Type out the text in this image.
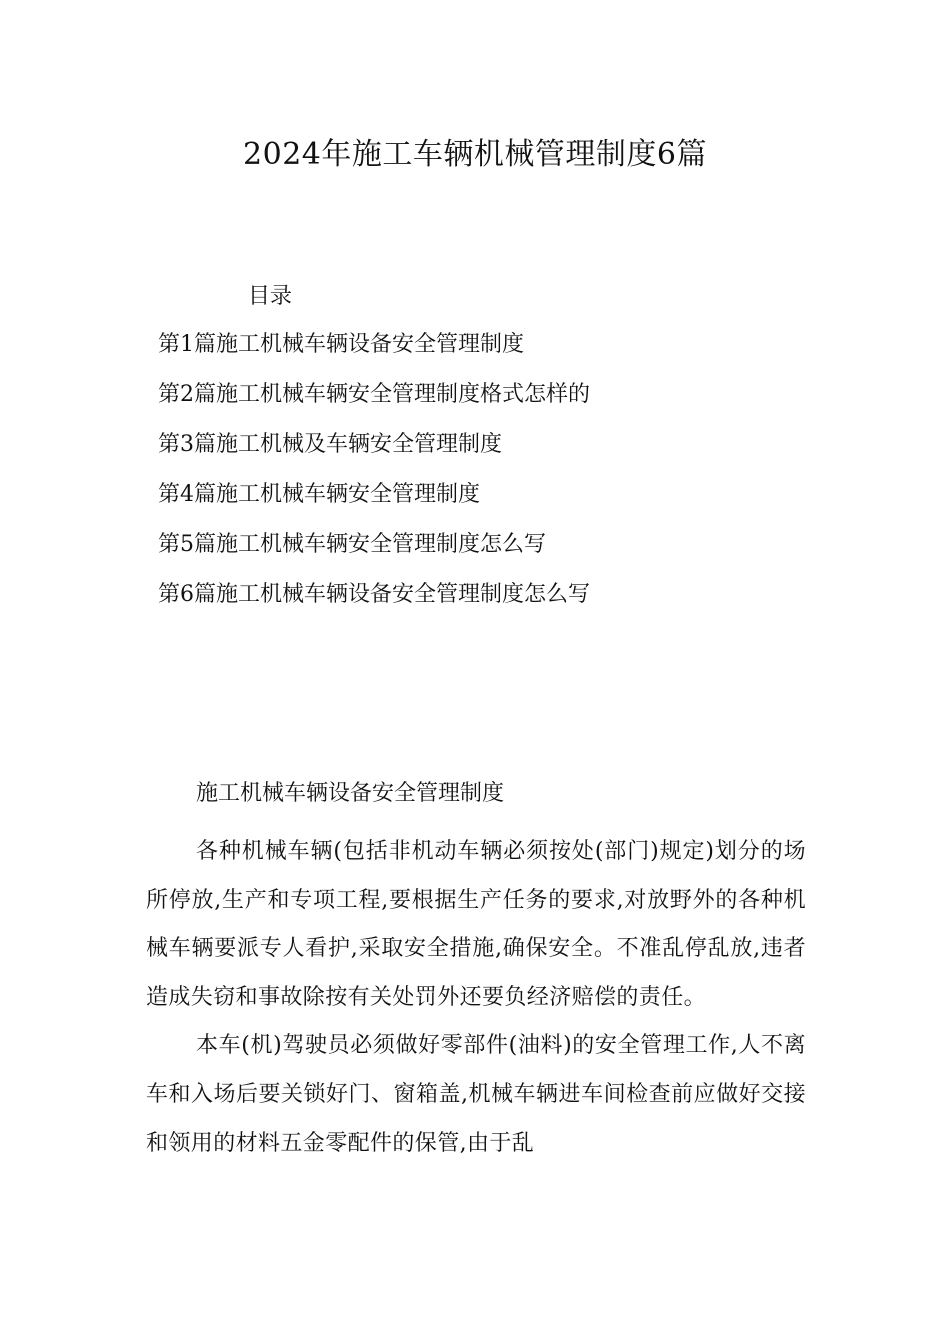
2024年施工车辆机械管理制度6篇
目录
第1篇施工机械车辆设备安全管理制度
第2篇施工机械车辆安全管理制度格式怎样的
第3篇施工机械及车辆安全管理制度
第4篇施工机械车辆安全管理制度
第5篇施工机械车辆安全管理制度怎么写
第6篇施工机械车辆设备安全管理制度怎么写
施工机械车辆设备安全管理制度

各种机械车辆(包括非机动车辆必须按处(部门)规定)划分的场所停放,生产和专项工程,要根据生产任务的要求,对放野外的各种机械车辆要派专人看护,采取安全措施,确保安全。不准乱停乱放,违者造成失窃和事故除按有关处罚外还要负经济赔偿的责任。

本车(机)驾驶员必须做好零部件(油料)的安全管理工作,人不离车和入场后要关锁好门、窗箱盖,机械车辆进车间检查前应做好交接和领用的材料五金零配件的保管,由于乱
